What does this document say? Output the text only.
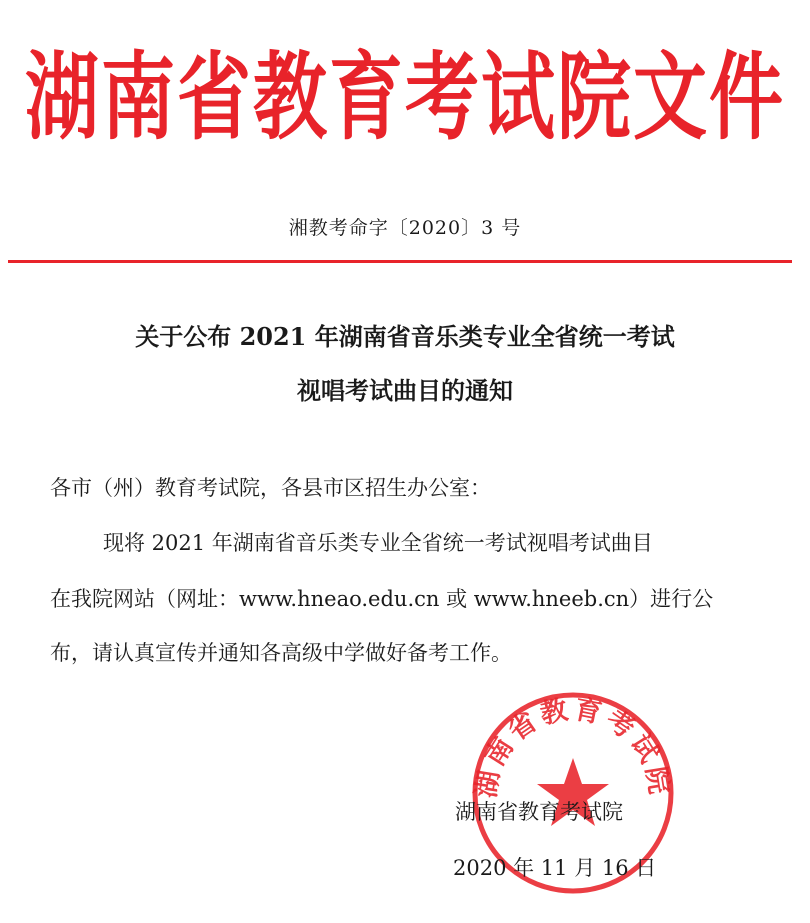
湖南省教育考试院文件
湘教考命字〔2020〕3 号
关于公布 2021 年湖南省音乐类专业全省统一考试
视唱考试曲目的通知
各市（州）教育考试院，各县市区招生办公室：
现将 2021 年湖南省音乐类专业全省统一考试视唱考试曲目
在我院网站（网址：www.hneao.edu.cn 或 www.hneeb.cn）进行公
布，请认真宣传并通知各高级中学做好备考工作。
湖南省教育考试院
湖南省教育考试院
2020 年 11 月 16 日
